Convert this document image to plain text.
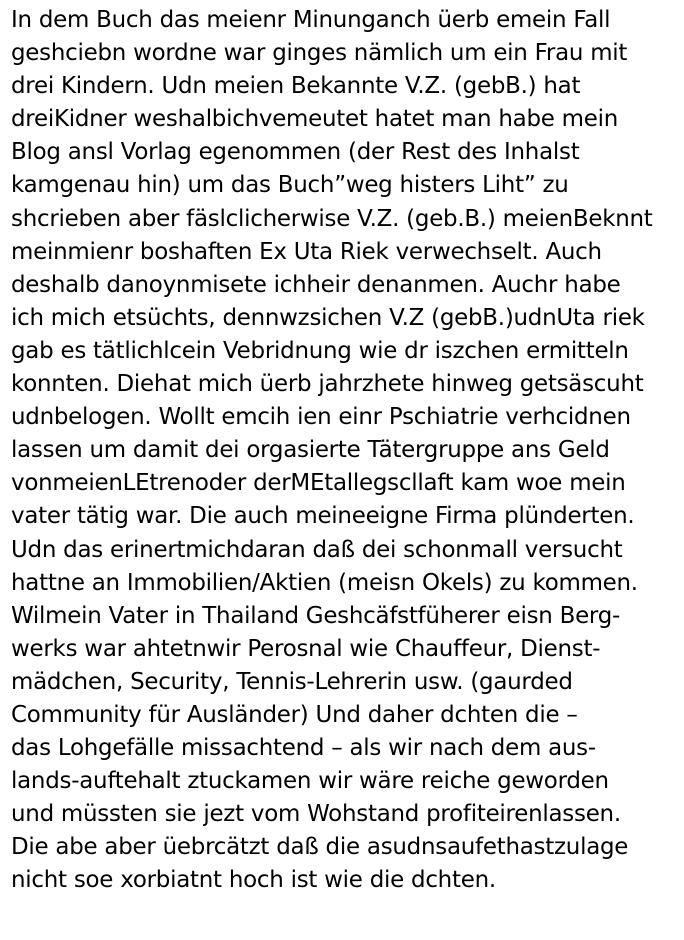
In dem Buch das meienr Minunganch üerb emein Fall
geshciebn wordne war ginges nämlich um ein Frau mit
drei Kindern. Udn meien Bekannte V.Z. (gebB.) hat
dreiKidner weshalbichvemeutet hatet man habe mein
Blog ansl Vorlag egenommen (der Rest des Inhalst
kamgenau hin) um das Buch”weg histers Liht” zu
shcrieben aber fäslclicherwise V.Z. (geb.B.) meienBeknnt
meinmienr boshaften Ex Uta Riek verwechselt. Auch
deshalb danoynmisete ichheir denanmen. Auchr habe
ich mich etsüchts, dennwzsichen V.Z (gebB.)udnUta riek
gab es tätlichlcein Vebridnung wie dr iszchen ermitteln
konnten. Diehat mich üerb jahrzhete hinweg getsäscuht
udnbelogen. Wollt emcih ien einr Pschiatrie verhcidnen
lassen um damit dei orgasierte Tätergruppe ans Geld
vonmeienLEtrenoder derMEtallegscllaft kam woe mein
vater tätig war. Die auch meineeigne Firma plünderten.
Udn das erinertmichdaran daß dei schonmall versucht
hattne an Immobilien/Aktien (meisn Okels) zu kommen.
Wilmein Vater in Thailand Geshcäfstfüherer eisn Berg-
werks war ahtetnwir Perosnal wie Chauffeur, Dienst-
mädchen, Security, Tennis-Lehrerin usw. (gaurded
Community für Ausländer) Und daher dchten die –
das Lohgefälle missachtend – als wir nach dem aus-
lands-auftehalt ztuckamen wir wäre reiche geworden
und müssten sie jezt vom Wohstand profiteirenlassen.
Die abe aber üebrcätzt daß die asudnsaufethastzulage
nicht soe xorbiatnt hoch ist wie die dchten.
